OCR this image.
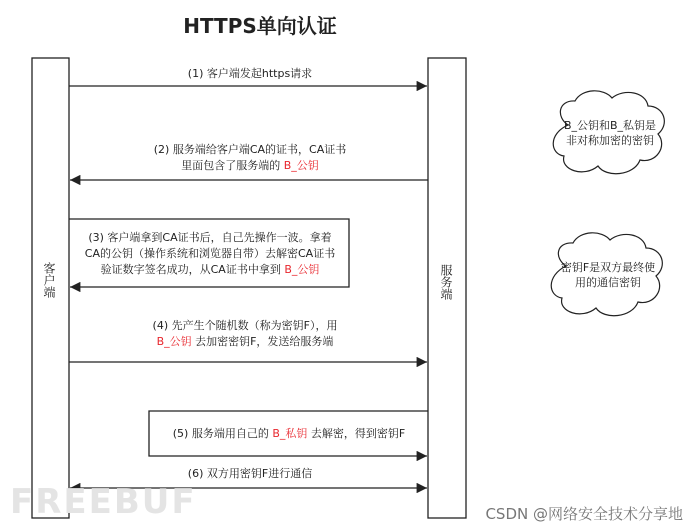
HTTPS单向认证
客户端	服务端
(1) 客户端发起https请求
(2) 服务端给客户端CA的证书，CA证书
里面包含了服务端的 B_公钥
(3) 客户端拿到CA证书后，自己先操作一波。拿着
CA的公钥（操作系统和浏览器自带）去解密CA证书
验证数字签名成功，从CA证书中拿到 B_公钥
(4) 先产生个随机数（称为密钥F），用
B_公钥 去加密密钥F，发送给服务端
(5) 服务端用自己的 B_私钥 去解密，得到密钥F
(6) 双方用密钥F进行通信
B_公钥和B_私钥是
非对称加密的密钥
密钥F是双方最终使
用的通信密钥
FREEBUF	CSDN @网络安全技术分享地
